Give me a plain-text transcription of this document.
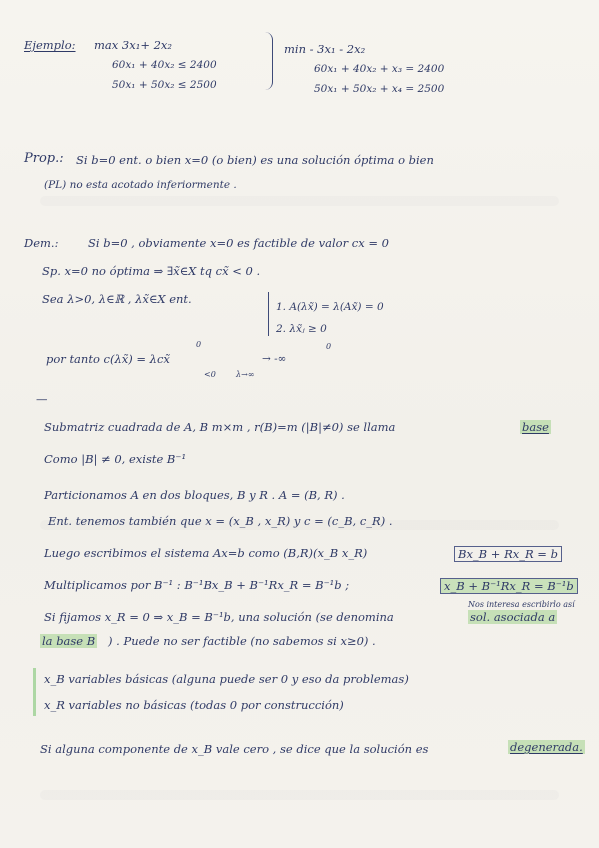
Ejemplo: max 3x₁+ 2x₂
60x₁ + 40x₂ ≤ 2400
50x₁ + 50x₂ ≤ 2500
min - 3x₁ - 2x₂
60x₁ + 40x₂ + x₃ = 2400
50x₁ + 50x₂ + x₄ = 2500
Prop.: Si b=0 ent. o bien x=0 (o bien) es una solución óptima o bien
(PL) no esta acotado inferiormente .
Dem.:	Si b=0 , obviamente x=0 es factible de valor cx = 0
Sp. x=0 no óptima ⇒ ∃x̃∈X tq cx̃ < 0 .
Sea λ>0, λ∈ℝ , λx̃∈X ent.
1. A(λx̃) = λ(Ax̃) = 0
2. λx̃ⱼ ≥ 0
0
por tanto c(λx̃) = λcx̃
0
<0
→ -∞
λ→∞
—
Submatriz cuadrada de A, B m×m , r(B)=m (|B|≠0) se llama	base
Como |B| ≠ 0, existe B⁻¹
Particionamos A en dos bloques, B y R . A = (B, R) .
Ent. tenemos también que x = (x_B , x_R) y c = (c_B, c_R) .
Luego escribimos el sistema Ax=b como (B,R)(x_B x_R)	Bx_B + Rx_R = b
Multiplicamos por B⁻¹ : B⁻¹Bx_B + B⁻¹Rx_R = B⁻¹b ;	x_B + B⁻¹Rx_R = B⁻¹b
Nos interesa escribirlo así
Si fijamos x_R = 0 ⇒ x_B = B⁻¹b, una solución (se denomina	sol. asociada a
la base B ) . Puede no ser factible (no sabemos si x≥0) .
x_B variables básicas (alguna puede ser 0 y eso da problemas)
x_R variables no básicas (todas 0 por construcción)
Si alguna componente de x_B vale cero , se dice que la solución es	degenerada.
